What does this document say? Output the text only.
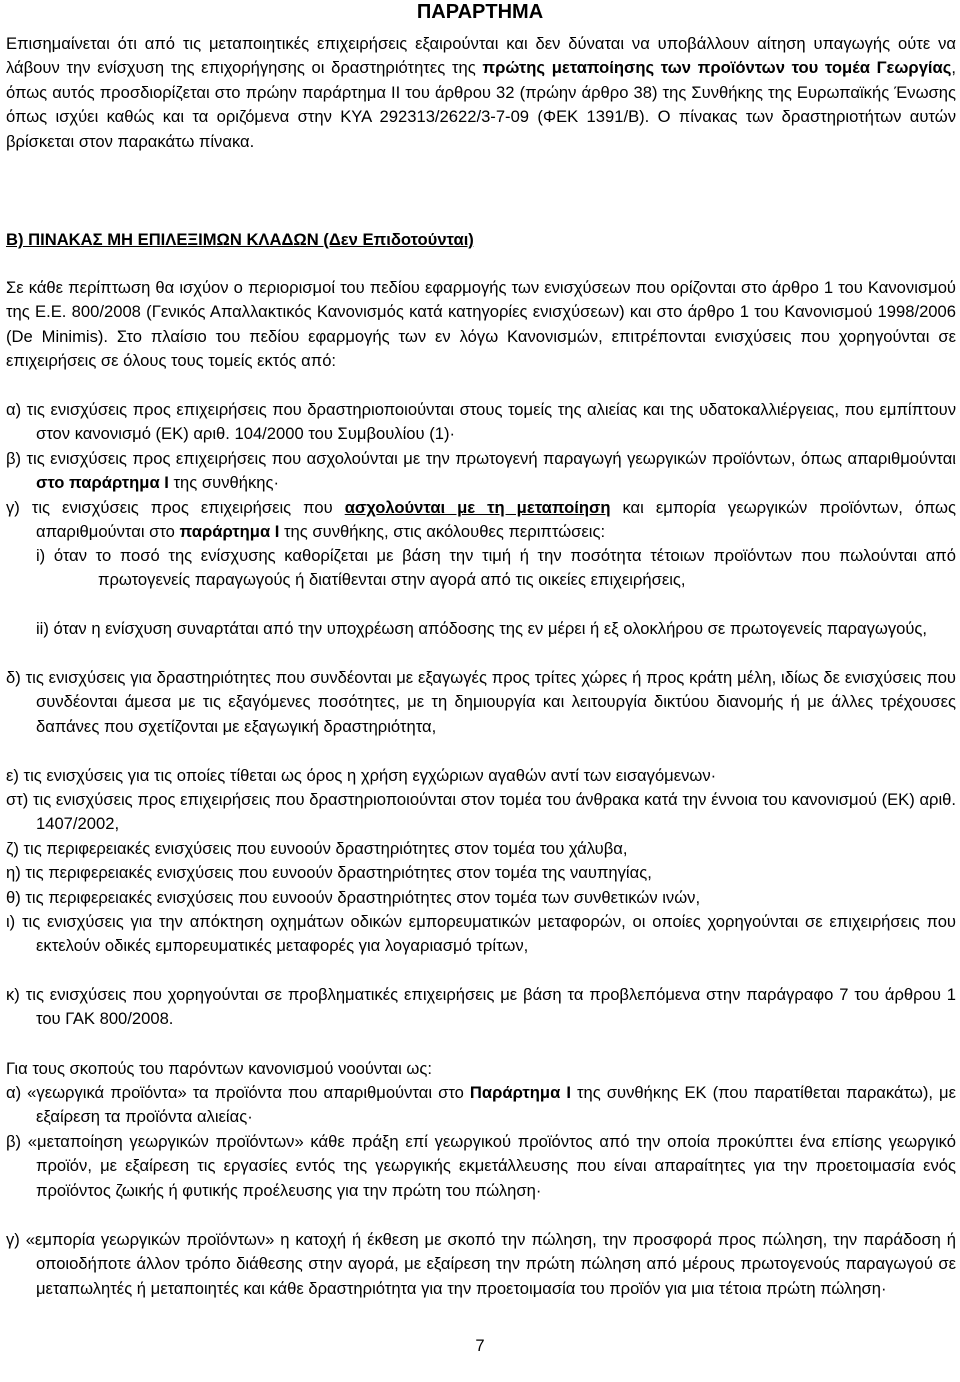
ΠΑΡΑΡΤΗΜΑ

Επισημαίνεται ότι από τις μεταποιητικές επιχειρήσεις εξαιρούνται και δεν δύναται να υποβάλλουν αίτηση υπαγωγής ούτε να λάβουν την ενίσχυση της επιχορήγησης οι δραστηριότητες της πρώτης μεταποίησης των προϊόντων του τομέα Γεωργίας, όπως αυτός προσδιορίζεται στο πρώην παράρτημα ΙΙ του άρθρου 32 (πρώην άρθρο 38) της Συνθήκης της Ευρωπαϊκής Ένωσης όπως ισχύει καθώς και τα οριζόμενα στην ΚΥΑ 292313/2622/3-7-09 (ΦΕΚ 1391/Β). Ο πίνακας των δραστηριοτήτων αυτών βρίσκεται στον παρακάτω πίνακα.

Β) ΠΙΝΑΚΑΣ ΜΗ ΕΠΙΛΕΞΙΜΩΝ ΚΛΑΔΩΝ (Δεν Επιδοτούνται)

Σε κάθε περίπτωση θα ισχύον ο περιορισμοί του πεδίου εφαρμογής των ενισχύσεων που ορίζονται στο άρθρο 1 του Κανονισμού της Ε.Ε. 800/2008 (Γενικός Απαλλακτικός Κανονισμός κατά κατηγορίες ενισχύσεων) και στο άρθρο 1 του Κανονισμού 1998/2006 (De Minimis). Στο πλαίσιο του πεδίου εφαρμογής των εν λόγω Κανονισμών, επιτρέπονται ενισχύσεις που χορηγούνται σε επιχειρήσεις σε όλους τους τομείς εκτός από:

α) τις ενισχύσεις προς επιχειρήσεις που δραστηριοποιούνται στους τομείς της αλιείας και της υδατοκαλλιέργειας, που εμπίπτουν στον κανονισμό (ΕΚ) αριθ. 104/2000 του Συμβουλίου (1)·

β) τις ενισχύσεις προς επιχειρήσεις που ασχολούνται με την πρωτογενή παραγωγή γεωργικών προϊόντων, όπως απαριθμούνται στο παράρτημα Ι της συνθήκης·

γ) τις ενισχύσεις προς επιχειρήσεις που ασχολούνται με τη μεταποίηση και εμπορία γεωργικών προϊόντων, όπως απαριθμούνται στο παράρτημα Ι της συνθήκης, στις ακόλουθες περιπτώσεις:

i) όταν το ποσό της ενίσχυσης καθορίζεται με βάση την τιμή ή την ποσότητα τέτοιων προϊόντων που πωλούνται από πρωτογενείς παραγωγούς ή διατίθενται στην αγορά από τις οικείες επιχειρήσεις,

ii) όταν η ενίσχυση συναρτάται από την υποχρέωση απόδοσης της εν μέρει ή εξ ολοκλήρου σε πρωτογενείς παραγωγούς,

δ) τις ενισχύσεις για δραστηριότητες που συνδέονται με εξαγωγές προς τρίτες χώρες ή προς κράτη μέλη, ιδίως δε ενισχύσεις που συνδέονται άμεσα με τις εξαγόμενες ποσότητες, με τη δημιουργία και λειτουργία δικτύου διανομής ή με άλλες τρέχουσες δαπάνες που σχετίζονται με εξαγωγική δραστηριότητα,

ε) τις ενισχύσεις για τις οποίες τίθεται ως όρος η χρήση εγχώριων αγαθών αντί των εισαγόμενων·

στ) τις ενισχύσεις προς επιχειρήσεις που δραστηριοποιούνται στον τομέα του άνθρακα κατά την έννοια του κανονισμού (ΕΚ) αριθ. 1407/2002,

ζ) τις περιφερειακές ενισχύσεις που ευνοούν δραστηριότητες στον τομέα του χάλυβα,

η) τις περιφερειακές ενισχύσεις που ευνοούν δραστηριότητες στον τομέα της ναυπηγίας,

θ) τις περιφερειακές ενισχύσεις που ευνοούν δραστηριότητες στον τομέα των συνθετικών ινών,

ι) τις ενισχύσεις για την απόκτηση οχημάτων οδικών εμπορευματικών μεταφορών, οι οποίες χορηγούνται σε επιχειρήσεις που εκτελούν οδικές εμπορευματικές μεταφορές για λογαριασμό τρίτων,

κ) τις ενισχύσεις που χορηγούνται σε προβληματικές επιχειρήσεις με βάση τα προβλεπόμενα στην παράγραφο 7 του άρθρου 1 του ΓΑΚ 800/2008.

Για τους σκοπούς του παρόντων κανονισμού νοούνται ως:

α) «γεωργικά προϊόντα» τα προϊόντα που απαριθμούνται στο Παράρτημα Ι της συνθήκης ΕΚ (που παρατίθεται παρακάτω), με εξαίρεση τα προϊόντα αλιείας·

β) «μεταποίηση γεωργικών προϊόντων» κάθε πράξη επί γεωργικού προϊόντος από την οποία προκύπτει ένα επίσης γεωργικό προϊόν, με εξαίρεση τις εργασίες εντός της γεωργικής εκμετάλλευσης που είναι απαραίτητες για την προετοιμασία ενός προϊόντος ζωικής ή φυτικής προέλευσης για την πρώτη του πώληση·

γ) «εμπορία γεωργικών προϊόντων» η κατοχή ή έκθεση με σκοπό την πώληση, την προσφορά προς πώληση, την παράδοση ή οποιοδήποτε άλλον τρόπο διάθεσης στην αγορά, με εξαίρεση την πρώτη πώληση από μέρους πρωτογενούς παραγωγού σε μεταπωλητές ή μεταποιητές και κάθε δραστηριότητα για την προετοιμασία του προϊόν για μια τέτοια πρώτη πώληση·

7
